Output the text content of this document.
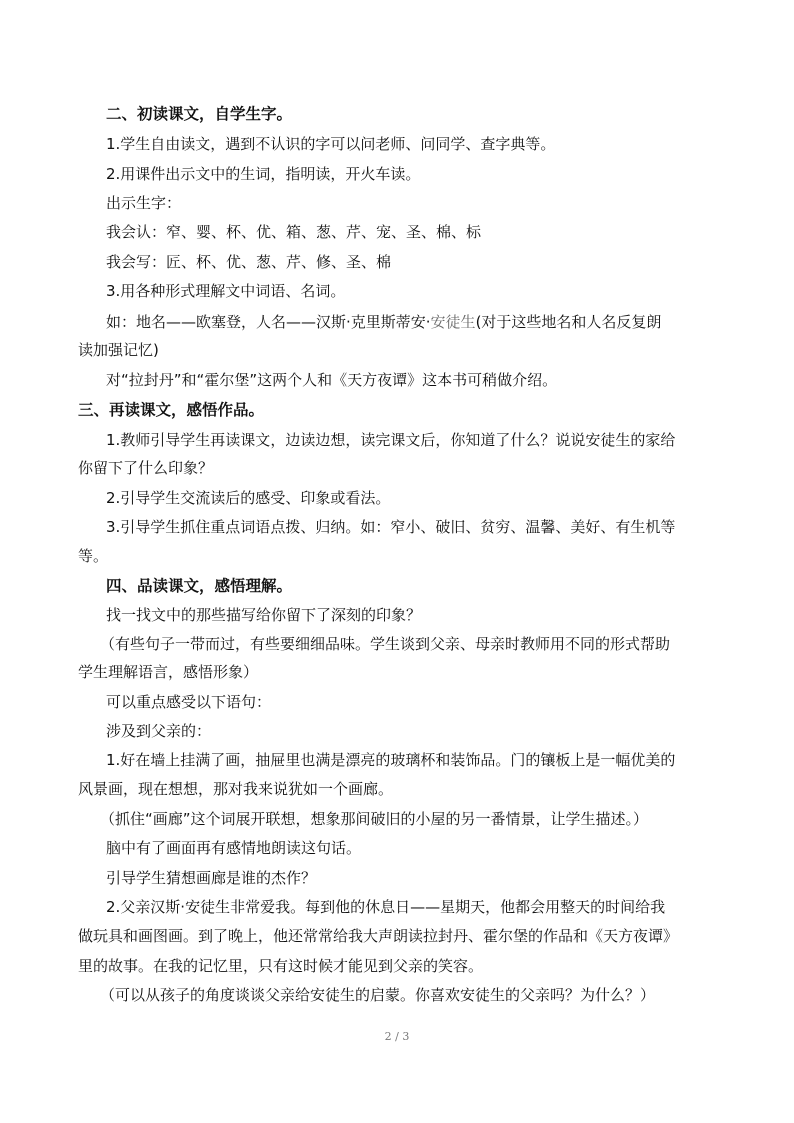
二、初读课文，自学生字。
1.学生自由读文，遇到不认识的字可以问老师、问同学、查字典等。
2.用课件出示文中的生词，指明读，开火车读。
出示生字：
我会认：窄、婴、杯、优、箱、葱、芹、宠、圣、棉、标
我会写：匠、杯、优、葱、芹、修、圣、棉
3.用各种形式理解文中词语、名词。
如：地名——欧塞登，人名——汉斯·克里斯蒂安·安徒生(对于这些地名和人名反复朗
读加强记忆)
对“拉封丹”和“霍尔堡”这两个人和《天方夜谭》这本书可稍做介绍。
三、再读课文，感悟作品。
1.教师引导学生再读课文，边读边想，读完课文后，你知道了什么？说说安徒生的家给
你留下了什么印象？
2.引导学生交流读后的感受、印象或看法。
3.引导学生抓住重点词语点拨、归纳。如：窄小、破旧、贫穷、温馨、美好、有生机等
等。
四、品读课文，感悟理解。
找一找文中的那些描写给你留下了深刻的印象？
（有些句子一带而过，有些要细细品味。学生谈到父亲、母亲时教师用不同的形式帮助
学生理解语言，感悟形象）
可以重点感受以下语句：
涉及到父亲的：
1.好在墙上挂满了画，抽屉里也满是漂亮的玻璃杯和装饰品。门的镶板上是一幅优美的
风景画，现在想想，那对我来说犹如一个画廊。
（抓住“画廊”这个词展开联想，想象那间破旧的小屋的另一番情景，让学生描述。）
脑中有了画面再有感情地朗读这句话。
引导学生猜想画廊是谁的杰作？
2.父亲汉斯·安徒生非常爱我。每到他的休息日——星期天，他都会用整天的时间给我
做玩具和画图画。到了晚上，他还常常给我大声朗读拉封丹、霍尔堡的作品和《天方夜谭》
里的故事。在我的记忆里，只有这时候才能见到父亲的笑容。
（可以从孩子的角度谈谈父亲给安徒生的启蒙。你喜欢安徒生的父亲吗？为什么？）
2 / 3
